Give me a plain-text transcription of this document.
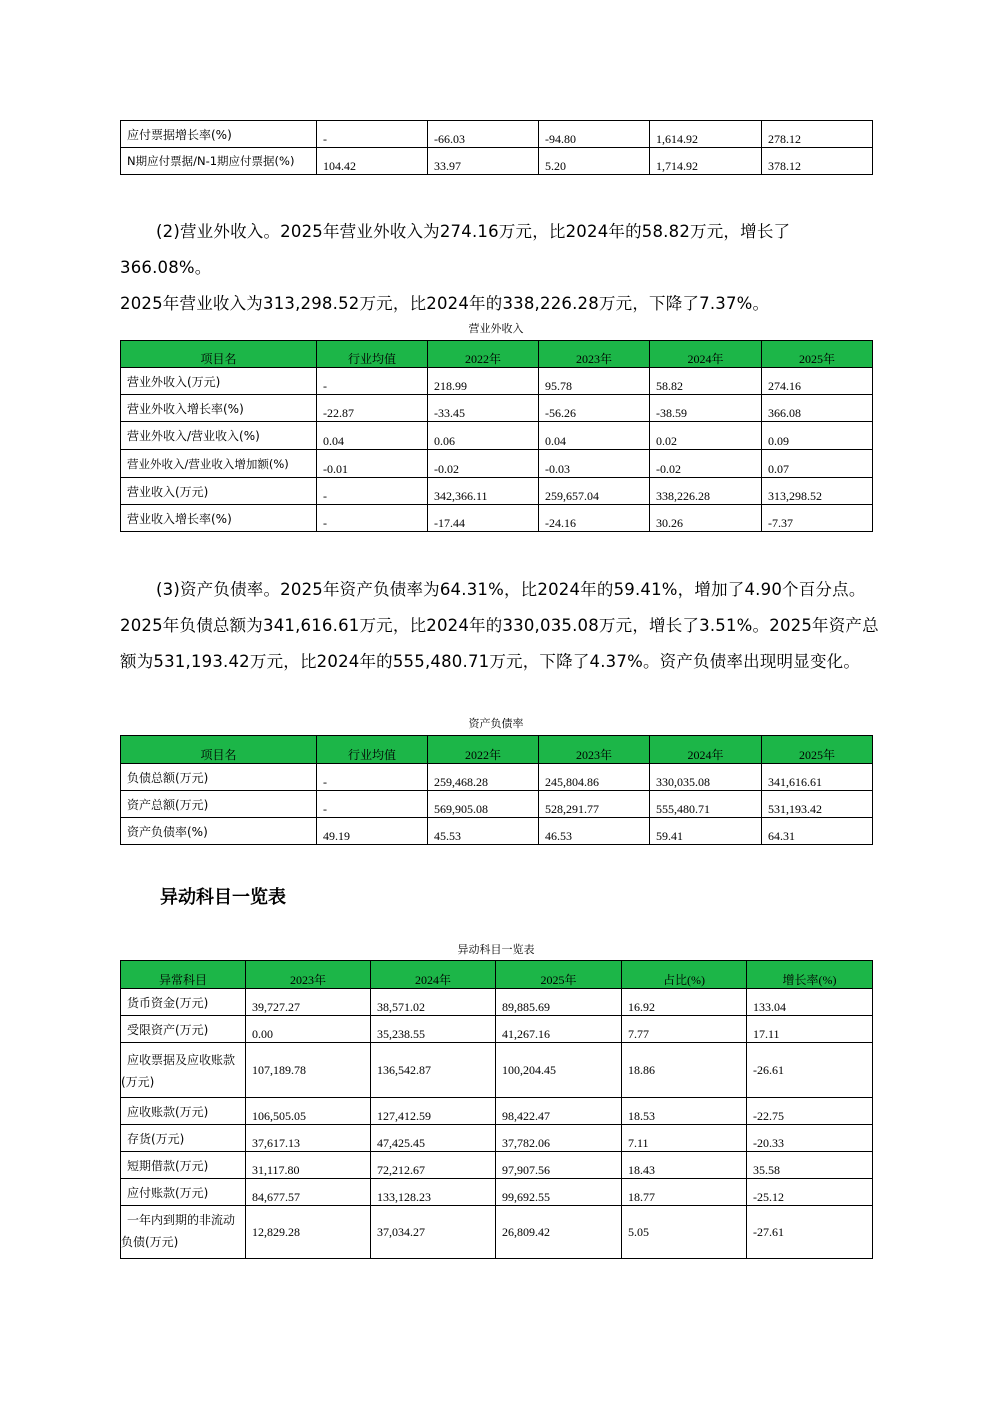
应付票据增长率(%)	-	-66.03	-94.80	1,614.92	278.12
N期应付票据/N-1期应付票据(%)	104.42	33.97	5.20	1,714.92	378.12

(2)营业外收入。2025年营业外收入为274.16万元，比2024年的58.82万元，增长了366.08%。

2025年营业收入为313,298.52万元，比2024年的338,226.28万元，下降了7.37%。

营业外收入
项目名	行业均值	2022年	2023年	2024年	2025年
营业外收入(万元)	-	218.99	95.78	58.82	274.16
营业外收入增长率(%)	-22.87	-33.45	-56.26	-38.59	366.08
营业外收入/营业收入(%)	0.04	0.06	0.04	0.02	0.09
营业外收入/营业收入增加额(%)	-0.01	-0.02	-0.03	-0.02	0.07
营业收入(万元)	-	342,366.11	259,657.04	338,226.28	313,298.52
营业收入增长率(%)	-	-17.44	-24.16	30.26	-7.37

(3)资产负债率。2025年资产负债率为64.31%，比2024年的59.41%，增加了4.90个百分点。

2025年负债总额为341,616.61万元，比2024年的330,035.08万元，增长了3.51%。2025年资产总

额为531,193.42万元，比2024年的555,480.71万元，下降了4.37%。资产负债率出现明显变化。

资产负债率
项目名	行业均值	2022年	2023年	2024年	2025年
负债总额(万元)	-	259,468.28	245,804.86	330,035.08	341,616.61
资产总额(万元)	-	569,905.08	528,291.77	555,480.71	531,193.42
资产负债率(%)	49.19	45.53	46.53	59.41	64.31
异动科目一览表
异动科目一览表
异常科目	2023年	2024年	2025年	占比(%)	增长率(%)
货币资金(万元)	39,727.27	38,571.02	89,885.69	16.92	133.04
受限资产(万元)	0.00	35,238.55	41,267.16	7.77	17.11

应收票据及应收账款
(万元)	107,189.78	136,542.87	100,204.45	18.86	-26.61
应收账款(万元)	106,505.05	127,412.59	98,422.47	18.53	-22.75
存货(万元)	37,617.13	47,425.45	37,782.06	7.11	-20.33
短期借款(万元)	31,117.80	72,212.67	97,907.56	18.43	35.58
应付账款(万元)	84,677.57	133,128.23	99,692.55	18.77	-25.12

一年内到期的非流动
负债(万元)	12,829.28	37,034.27	26,809.42	5.05	-27.61
